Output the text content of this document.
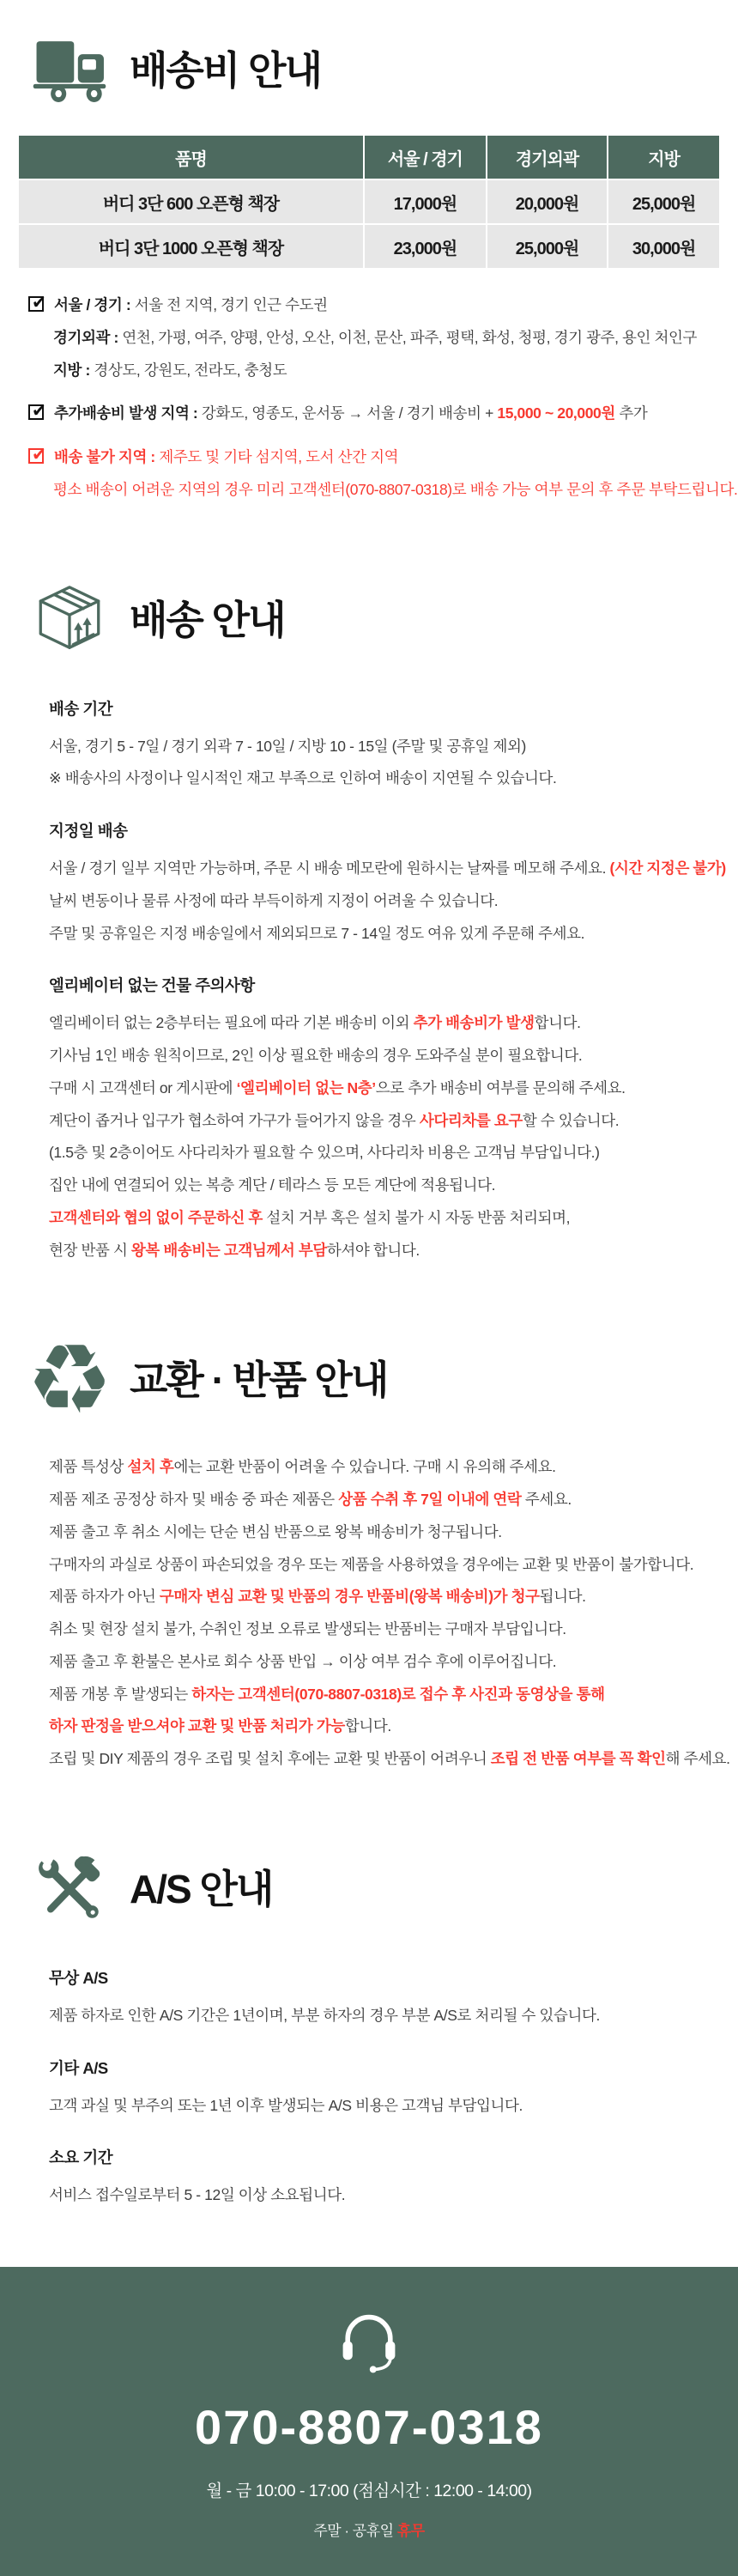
배송비 안내
품명	서울 / 경기	경기외곽	지방
버디 3단 600 오픈형 책장	17,000원	20,000원	25,000원
버디 3단 1000 오픈형 책장	23,000원	25,000원	30,000원

✔ 서울 / 경기 : 서울 전 지역, 경기 인근 수도권

경기외곽 : 연천, 가평, 여주, 양평, 안성, 오산, 이천, 문산, 파주, 평택, 화성, 청평, 경기 광주, 용인 처인구

지방 : 경상도, 강원도, 전라도, 충청도

✔ 추가배송비 발생 지역 : 강화도, 영종도, 운서동 → 서울 / 경기 배송비 + 15,000 ~ 20,000원 추가

✔ 배송 불가 지역 : 제주도 및 기타 섬지역, 도서 산간 지역

평소 배송이 어려운 지역의 경우 미리 고객센터(070-8807-0318)로 배송 가능 여부 문의 후 주문 부탁드립니다.

배송 안내
배송 기간

서울, 경기 5 - 7일 / 경기 외곽 7 - 10일 / 지방 10 - 15일 (주말 및 공휴일 제외)

※ 배송사의 사정이나 일시적인 재고 부족으로 인하여 배송이 지연될 수 있습니다.

지정일 배송

서울 / 경기 일부 지역만 가능하며, 주문 시 배송 메모란에 원하시는 날짜를 메모해 주세요. (시간 지정은 불가)

날씨 변동이나 물류 사정에 따라 부득이하게 지정이 어려울 수 있습니다.

주말 및 공휴일은 지정 배송일에서 제외되므로 7 - 14일 정도 여유 있게 주문해 주세요.

엘리베이터 없는 건물 주의사항

엘리베이터 없는 2층부터는 필요에 따라 기본 배송비 이외 추가 배송비가 발생합니다.

기사님 1인 배송 원칙이므로, 2인 이상 필요한 배송의 경우 도와주실 분이 필요합니다.

구매 시 고객센터 or 게시판에 ‘엘리베이터 없는 N층’으로 추가 배송비 여부를 문의해 주세요.

계단이 좁거나 입구가 협소하여 가구가 들어가지 않을 경우 사다리차를 요구할 수 있습니다.

(1.5층 및 2층이어도 사다리차가 필요할 수 있으며, 사다리차 비용은 고객님 부담입니다.)

집안 내에 연결되어 있는 복층 계단 / 테라스 등 모든 계단에 적용됩니다.

고객센터와 협의 없이 주문하신 후 설치 거부 혹은 설치 불가 시 자동 반품 처리되며,

현장 반품 시 왕복 배송비는 고객님께서 부담하셔야 합니다.

♻ 교환 · 반품 안내

제품 특성상 설치 후에는 교환 반품이 어려울 수 있습니다. 구매 시 유의해 주세요.

제품 제조 공정상 하자 및 배송 중 파손 제품은 상품 수취 후 7일 이내에 연락 주세요.

제품 출고 후 취소 시에는 단순 변심 반품으로 왕복 배송비가 청구됩니다.

구매자의 과실로 상품이 파손되었을 경우 또는 제품을 사용하였을 경우에는 교환 및 반품이 불가합니다.

제품 하자가 아닌 구매자 변심 교환 및 반품의 경우 반품비(왕복 배송비)가 청구됩니다.

취소 및 현장 설치 불가, 수취인 정보 오류로 발생되는 반품비는 구매자 부담입니다.

제품 출고 후 환불은 본사로 회수 상품 반입 → 이상 여부 검수 후에 이루어집니다.

제품 개봉 후 발생되는 하자는 고객센터(070-8807-0318)로 접수 후 사진과 동영상을 통해

하자 판정을 받으셔야 교환 및 반품 처리가 가능합니다.

조립 및 DIY 제품의 경우 조립 및 설치 후에는 교환 및 반품이 어려우니 조립 전 반품 여부를 꼭 확인해 주세요.

A/S 안내
무상 A/S

제품 하자로 인한 A/S 기간은 1년이며, 부분 하자의 경우 부분 A/S로 처리될 수 있습니다.

기타 A/S

고객 과실 및 부주의 또는 1년 이후 발생되는 A/S 비용은 고객님 부담입니다.

소요 기간

서비스 접수일로부터 5 - 12일 이상 소요됩니다.

070-8807-0318
월 - 금 10:00 - 17:00 (점심시간 : 12:00 - 14:00)
주말 · 공휴일 휴무
